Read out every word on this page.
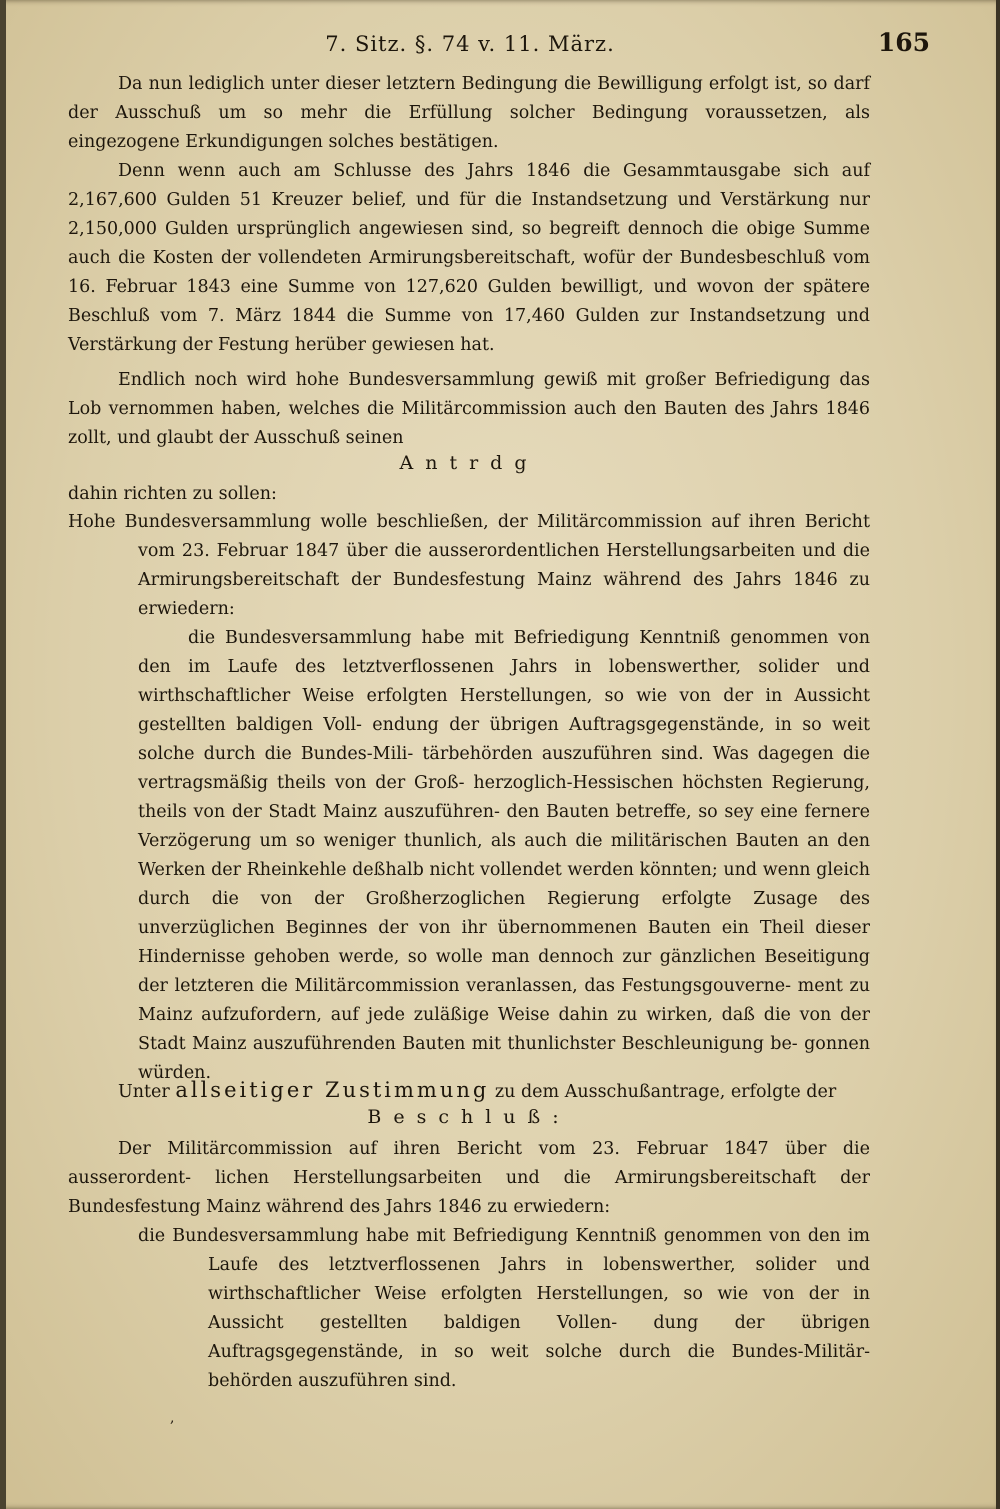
7. Sitz. §. 74 v. 11. März.	165

Da nun lediglich unter dieser letztern Bedingung die Bewilligung erfolgt ist, so darf der Ausschuß um so mehr die Erfüllung solcher Bedingung voraussetzen, als eingezogene Erkundigungen solches bestätigen.

Denn wenn auch am Schlusse des Jahrs 1846 die Gesammtausgabe sich auf 2,167,600 Gulden 51 Kreuzer belief, und für die Instandsetzung und Verstärkung nur 2,150,000 Gulden ursprünglich angewiesen sind, so begreift dennoch die obige Summe auch die Kosten der vollendeten Armirungsbereitschaft, wofür der Bundesbeschluß vom 16. Februar 1843 eine Summe von 127,620 Gulden bewilligt, und wovon der spätere Beschluß vom 7. März 1844 die Summe von 17,460 Gulden zur Instandsetzung und Verstärkung der Festung herüber gewiesen hat.

Endlich noch wird hohe Bundesversammlung gewiß mit großer Befriedigung das Lob vernommen haben, welches die Militärcommission auch den Bauten des Jahrs 1846 zollt, und glaubt der Ausschuß seinen

Antrdg

dahin richten zu sollen:

Hohe Bundesversammlung wolle beschließen, der Militärcommission auf ihren Bericht vom 23. Februar 1847 über die ausserordentlichen Herstellungsarbeiten und die Armirungsbereitschaft der Bundesfestung Mainz während des Jahrs 1846 zu erwiedern:

die Bundesversammlung habe mit Befriedigung Kenntniß genommen von den im Laufe des letztverflossenen Jahrs in lobenswerther, solider und wirthschaftlicher Weise erfolgten Herstellungen, so wie von der in Aussicht gestellten baldigen Voll- endung der übrigen Auftragsgegenstände, in so weit solche durch die Bundes-Mili- tärbehörden auszuführen sind. Was dagegen die vertragsmäßig theils von der Groß- herzoglich-Hessischen höchsten Regierung, theils von der Stadt Mainz auszuführen- den Bauten betreffe, so sey eine fernere Verzögerung um so weniger thunlich, als auch die militärischen Bauten an den Werken der Rheinkehle deßhalb nicht vollendet werden könnten; und wenn gleich durch die von der Großherzoglichen Regierung erfolgte Zusage des unverzüglichen Beginnes der von ihr übernommenen Bauten ein Theil dieser Hindernisse gehoben werde, so wolle man dennoch zur gänzlichen Beseitigung der letzteren die Militärcommission veranlassen, das Festungsgouverne- ment zu Mainz aufzufordern, auf jede zuläßige Weise dahin zu wirken, daß die von der Stadt Mainz auszuführenden Bauten mit thunlichster Beschleunigung be- gonnen würden.

Unter allseitiger Zustimmung zu dem Ausschußantrage, erfolgte der
Beschluß:

Der Militärcommission auf ihren Bericht vom 23. Februar 1847 über die ausserordent- lichen Herstellungsarbeiten und die Armirungsbereitschaft der Bundesfestung Mainz während des Jahrs 1846 zu erwiedern:

die Bundesversammlung habe mit Befriedigung Kenntniß genommen von den im Laufe des letztverflossenen Jahrs in lobenswerther, solider und wirthschaftlicher Weise erfolgten Herstellungen, so wie von der in Aussicht gestellten baldigen Vollen- dung der übrigen Auftragsgegenstände, in so weit solche durch die Bundes-Militär- behörden auszuführen sind.

,
